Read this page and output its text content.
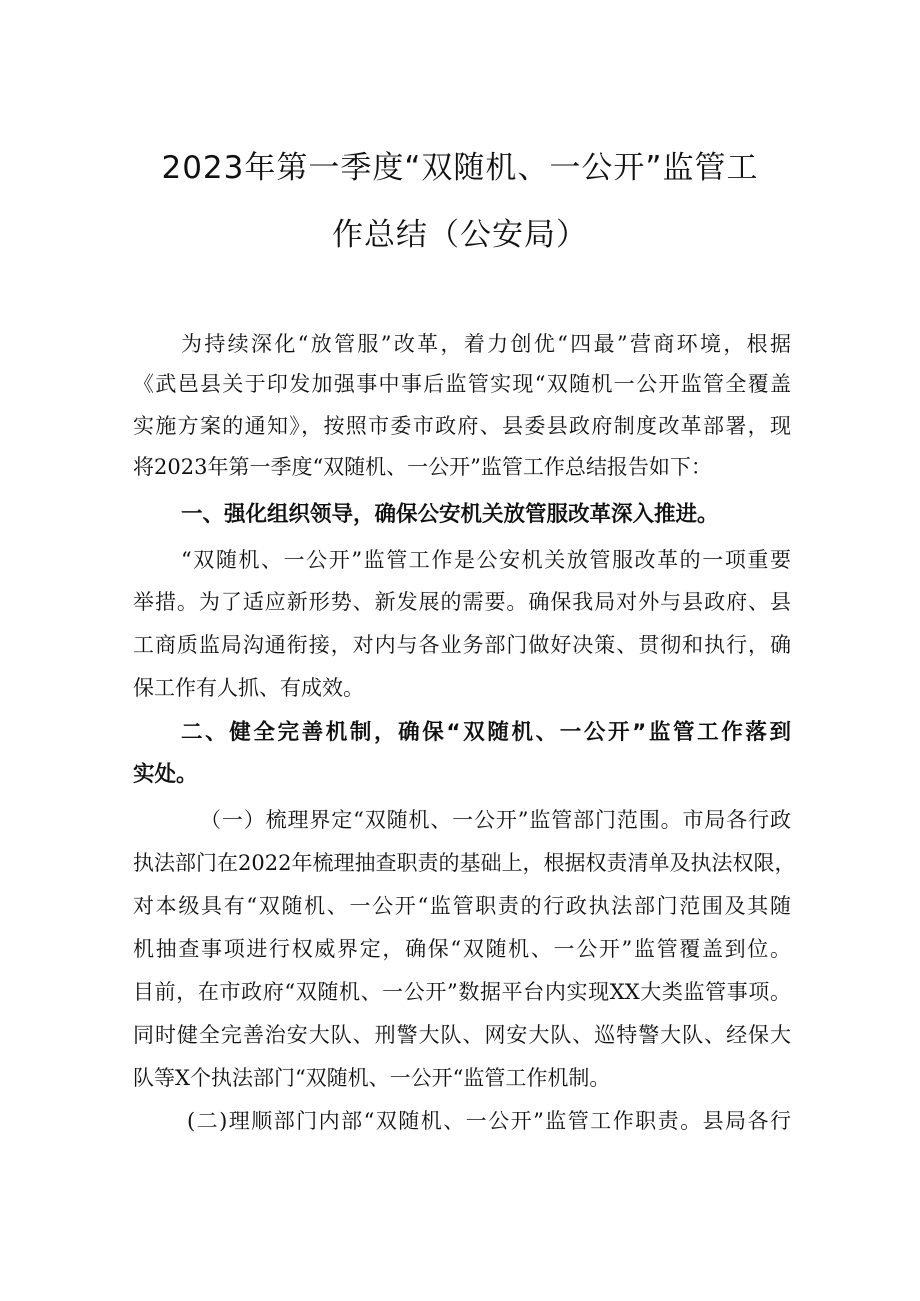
2023年第一季度“双随机、一公开”监管工
作总结（公安局）
为持续深化“放管服”改革，着力创优“四最”营商环境，根据
《武邑县关于印发加强事中事后监管实现“双随机一公开监管全覆盖
实施方案的通知》，按照市委市政府、县委县政府制度改革部署，现
将2023年第一季度“双随机、一公开”监管工作总结报告如下：
一、强化组织领导，确保公安机关放管服改革深入推进。
“双随机、一公开”监管工作是公安机关放管服改革的一项重要
举措。为了适应新形势、新发展的需要。确保我局对外与县政府、县
工商质监局沟通衔接，对内与各业务部门做好决策、贯彻和执行，确
保工作有人抓、有成效。
二、健全完善机制，确保“双随机、一公开”监管工作落到
实处。
（一）梳理界定“双随机、一公开”监管部门范围。市局各行政
执法部门在2022年梳理抽查职责的基础上，根据权责清单及执法权限，
对本级具有“双随机、一公开“监管职责的行政执法部门范围及其随
机抽查事项进行权威界定，确保“双随机、一公开”监管覆盖到位。
目前，在市政府“双随机、一公开”数据平台内实现XX大类监管事项。
同时健全完善治安大队、刑警大队、网安大队、巡特警大队、经保大
队等X个执法部门“双随机、一公开“监管工作机制。
(二)理顺部门内部“双随机、一公开”监管工作职责。县局各行
